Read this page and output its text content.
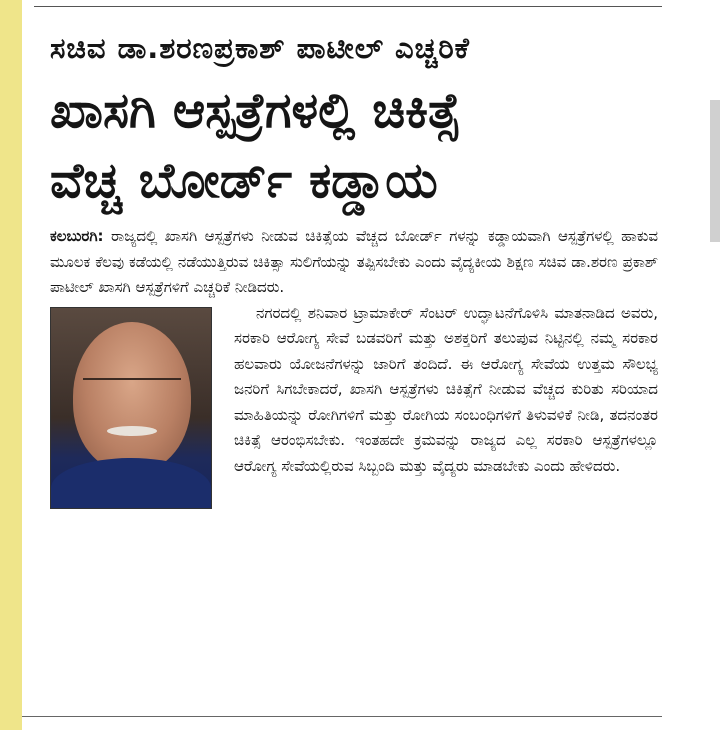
ಸಚಿವ ಡಾ.ಶರಣಪ್ರಕಾಶ್ ಪಾಟೀಲ್ ಎಚ್ಚರಿಕೆ
ಖಾಸಗಿ ಆಸ್ಪತ್ರೆಗಳಲ್ಲಿ ಚಿಕಿತ್ಸೆ
ವೆಚ್ಚ ಬೋರ್ಡ್ ಕಡ್ಡಾಯ

ಕಲಬುರಗಿ: ರಾಜ್ಯದಲ್ಲಿ ಖಾಸಗಿ ಆಸ್ಪತ್ರೆಗಳು ನೀಡುವ ಚಿಕಿತ್ಸೆಯ ವೆಚ್ಚದ ಬೋರ್ಡ್ ಗಳನ್ನು ಕಡ್ಡಾಯವಾಗಿ ಆಸ್ಪತ್ರೆಗಳಲ್ಲಿ ಹಾಕುವ ಮೂಲಕ ಕೆಲವು ಕಡೆಯಲ್ಲಿ ನಡೆಯುತ್ತಿರುವ ಚಿಕಿತ್ಸಾ ಸುಲಿಗೆಯನ್ನು ತಪ್ಪಿಸಬೇಕು ಎಂದು ವೈದ್ಯಕೀಯ ಶಿಕ್ಷಣ ಸಚಿವ ಡಾ.ಶರಣ ಪ್ರಕಾಶ್ ಪಾಟೀಲ್ ಖಾಸಗಿ ಆಸ್ಪತ್ರೆಗಳಿಗೆ ಎಚ್ಚರಿಕೆ ನೀಡಿದರು.

ನಗರದಲ್ಲಿ ಶನಿವಾರ ಟ್ರಾಮಾಕೇರ್ ಸೆಂಟರ್ ಉದ್ಘಾಟನೆಗೊಳಿಸಿ ಮಾತನಾಡಿದ ಅವರು, ಸರಕಾರಿ ಆರೋಗ್ಯ ಸೇವೆ ಬಡವರಿಗೆ ಮತ್ತು ಅಶಕ್ತರಿಗೆ ತಲುಪುವ ನಿಟ್ಟಿನಲ್ಲಿ ನಮ್ಮ ಸರಕಾರ ಹಲವಾರು ಯೋಜನೆಗಳನ್ನು ಜಾರಿಗೆ ತಂದಿದೆ. ಈ ಆರೋಗ್ಯ ಸೇವೆಯ ಉತ್ತಮ ಸೌಲಭ್ಯ ಜನರಿಗೆ ಸಿಗಬೇಕಾದರೆ, ಖಾಸಗಿ ಆಸ್ಪತ್ರೆಗಳು ಚಿಕಿತ್ಸೆಗೆ ನೀಡುವ ವೆಚ್ಚದ ಕುರಿತು ಸರಿಯಾದ ಮಾಹಿತಿಯನ್ನು ರೋಗಿಗಳಿಗೆ ಮತ್ತು ರೋಗಿಯ ಸಂಬಂಧಿಗಳಿಗೆ ತಿಳುವಳಿಕೆ ನೀಡಿ, ತದನಂತರ ಚಿಕಿತ್ಸೆ ಆರಂಭಿಸಬೇಕು. ಇಂತಹದೇ ಕ್ರಮವನ್ನು ರಾಜ್ಯದ ಎಲ್ಲ ಸರಕಾರಿ ಆಸ್ಪತ್ರೆಗಳಲ್ಲೂ ಆರೋಗ್ಯ ಸೇವೆಯಲ್ಲಿರುವ ಸಿಬ್ಬಂದಿ ಮತ್ತು ವೈದ್ಯರು ಮಾಡಬೇಕು ಎಂದು ಹೇಳಿದರು.
